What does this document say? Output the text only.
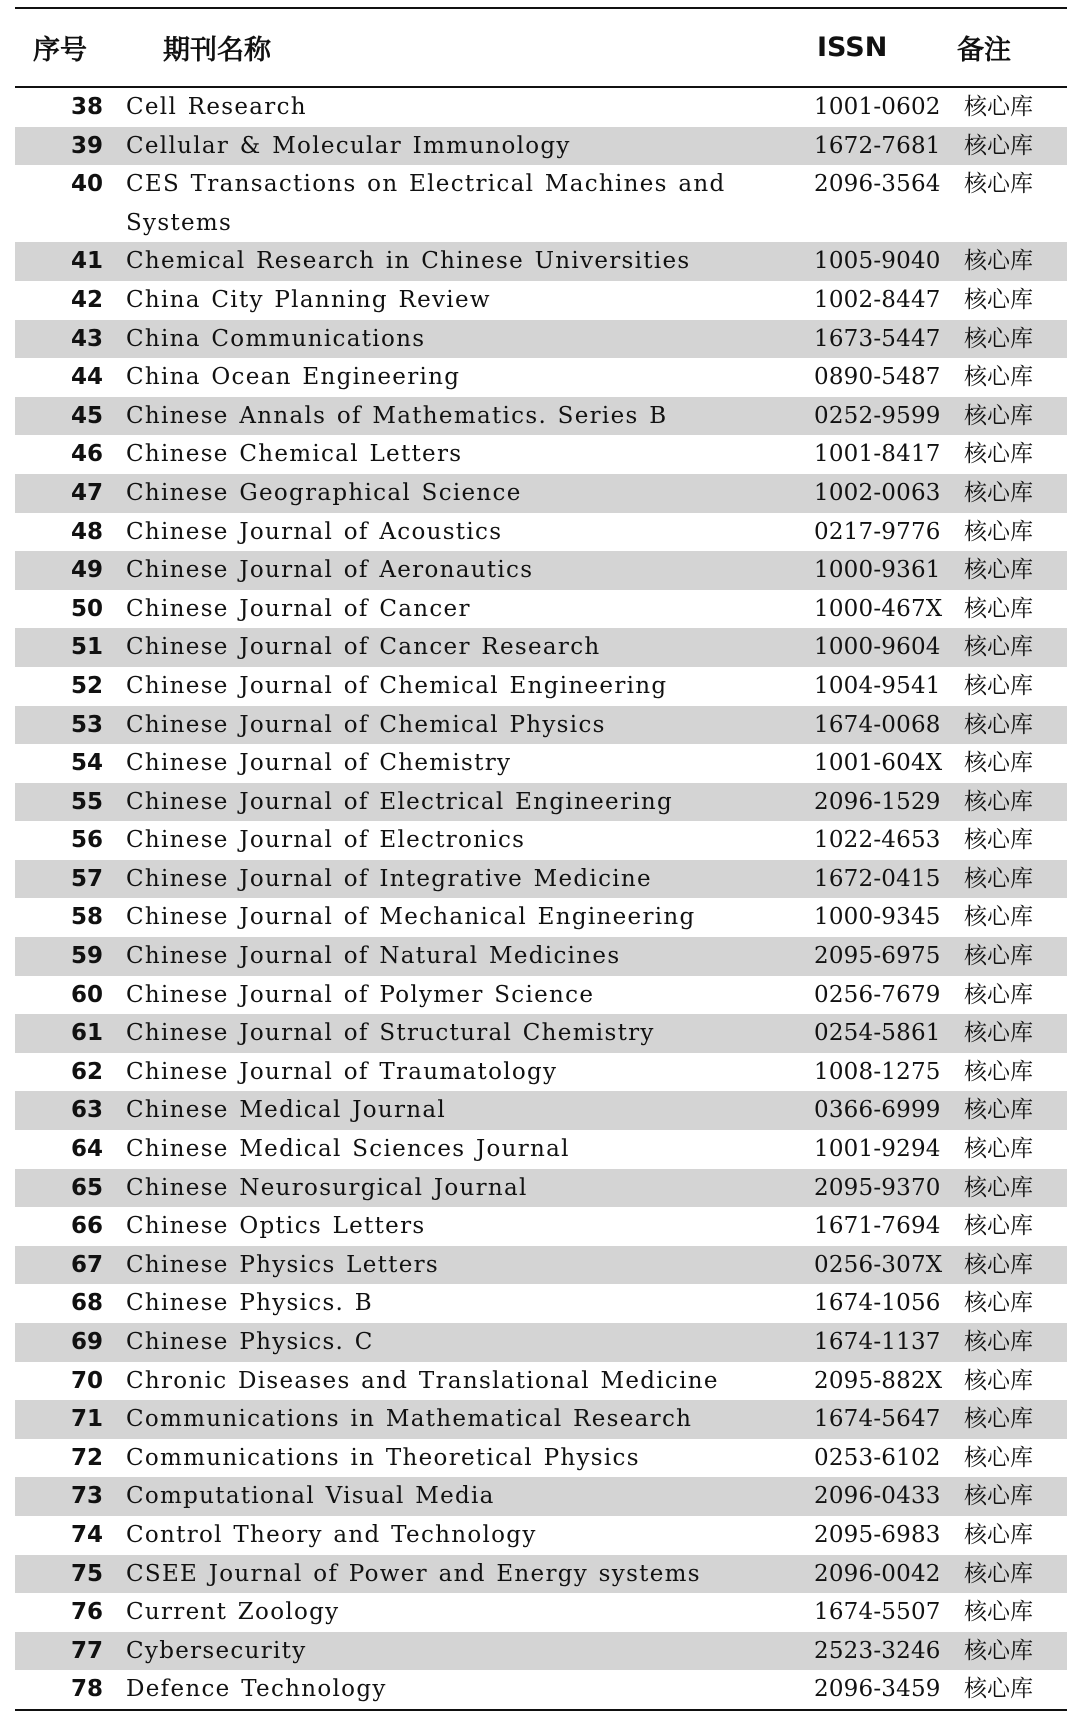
序号	期刊名称	ISSN	备注
38	Cell Research	1001-0602	核心库
39	Cellular & Molecular Immunology	1672-7681	核心库
40	CES Transactions on Electrical Machines and Systems	2096-3564	核心库
41	Chemical Research in Chinese Universities	1005-9040	核心库
42	China City Planning Review	1002-8447	核心库
43	China Communications	1673-5447	核心库
44	China Ocean Engineering	0890-5487	核心库
45	Chinese Annals of Mathematics. Series B	0252-9599	核心库
46	Chinese Chemical Letters	1001-8417	核心库
47	Chinese Geographical Science	1002-0063	核心库
48	Chinese Journal of Acoustics	0217-9776	核心库
49	Chinese Journal of Aeronautics	1000-9361	核心库
50	Chinese Journal of Cancer	1000-467X	核心库
51	Chinese Journal of Cancer Research	1000-9604	核心库
52	Chinese Journal of Chemical Engineering	1004-9541	核心库
53	Chinese Journal of Chemical Physics	1674-0068	核心库
54	Chinese Journal of Chemistry	1001-604X	核心库
55	Chinese Journal of Electrical Engineering	2096-1529	核心库
56	Chinese Journal of Electronics	1022-4653	核心库
57	Chinese Journal of Integrative Medicine	1672-0415	核心库
58	Chinese Journal of Mechanical Engineering	1000-9345	核心库
59	Chinese Journal of Natural Medicines	2095-6975	核心库
60	Chinese Journal of Polymer Science	0256-7679	核心库
61	Chinese Journal of Structural Chemistry	0254-5861	核心库
62	Chinese Journal of Traumatology	1008-1275	核心库
63	Chinese Medical Journal	0366-6999	核心库
64	Chinese Medical Sciences Journal	1001-9294	核心库
65	Chinese Neurosurgical Journal	2095-9370	核心库
66	Chinese Optics Letters	1671-7694	核心库
67	Chinese Physics Letters	0256-307X	核心库
68	Chinese Physics. B	1674-1056	核心库
69	Chinese Physics. C	1674-1137	核心库
70	Chronic Diseases and Translational Medicine	2095-882X	核心库
71	Communications in Mathematical Research	1674-5647	核心库
72	Communications in Theoretical Physics	0253-6102	核心库
73	Computational Visual Media	2096-0433	核心库
74	Control Theory and Technology	2095-6983	核心库
75	CSEE Journal of Power and Energy systems	2096-0042	核心库
76	Current Zoology	1674-5507	核心库
77	Cybersecurity	2523-3246	核心库
78	Defence Technology	2096-3459	核心库
